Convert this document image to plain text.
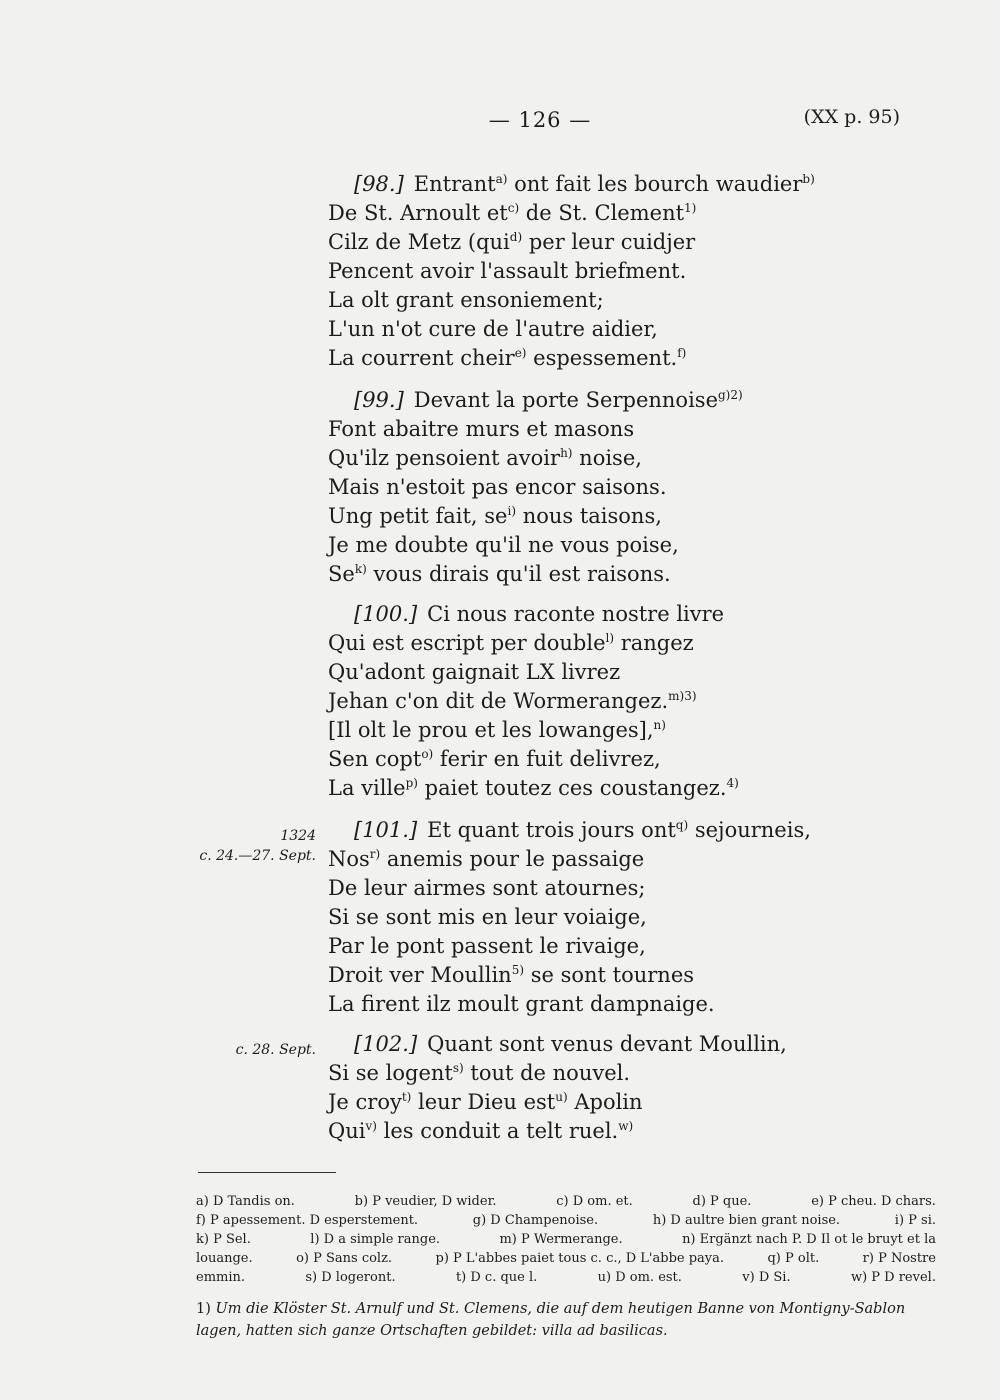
— 126 —	(XX p. 95)
[98.] Entrant$^{a)}$ ont fait les bourch waudier$^{b)}$
De St. Arnoult $et^{c)}$ de St. Clement$^{1)}$
Cilz de Metz (qui$^{d)}$ per leur cuidjer
Pencent avoir l'assault briefment.
La olt grant ensoniement;
L'un n'ot cure de l'autre aidier,
La courrent cheir$^{e)}$ espessement.$^{f)}$
[99.] Devant la porte Serpennoise$^{g)2)}$
Font abaitre murs et masons
Qu'ilz pensoient avoir$^{h)}$ noise,
Mais n'estoit pas encor saisons.
Ung petit fait, $se^{i)}$ nous taisons,
Je me doubte qu'il ne vous poise,
Se$^{k)}$ vous dirais qu'il est raisons.
[100.] Ci nous raconte nostre livre
Qui est escript per double$^{l)}$ rangez
Qu'adont gaignait LX livrez
Jehan c'on dit de Wormerangez.$^{m)3)}$
[Il olt le prou et les lowanges],$^{n)}$
Sen copt$^{o)}$ ferir en fuit delivrez,
La ville$^{p)}$ paiet toutez ces coustangez.$^{4)}$
[101.] Et quant trois jours ont$^{q)}$ sejourneis,
Nos$^{r)}$ anemis pour le passaige
De leur airmes sont atournes;
Si se sont mis en leur voiaige,
Par le pont passent le rivaige,
Droit ver Moullin$^{5)}$ se sont tournes
La firent ilz moult grant dampnaige.
1324
c. 24.—27. Sept.
[102.] Quant sont venus devant Moullin,
Si se logent$^{s)}$ tout de nouvel.
Je croy$^{t)}$ leur Dieu est$^{u)}$ Apolin
Qui$^{v)}$ les conduit a telt ruel.$^{w)}$
c. 28. Sept.
a) D Tandis on.	b) P veudier, D wider.	c) D om. et.	d) P que.	e) P cheu. D chars.
f) P apessement. D esperstement.	g) D Champenoise.	h) D aultre bien grant noise.	i) P si.
k) P Sel.	l) D a simple range.	m) P Wermerange.	n) Ergänzt nach P. D Il ot le bruyt et la
louange.	o) P Sans colz.	p) P L'abbes paiet tous c. c., D L'abbe paya.	q) P olt.	r) P Nostre
emmin.	s) D logeront.	t) D c. que l.	u) D om. est.	v) D Si.	w) P D revel.
1) Um die Klöster St. Arnulf und St. Clemens, die auf dem heutigen Banne von Montigny-Sablon lagen, hatten sich ganze Ortschaften gebildet: villa ad basilicas.
